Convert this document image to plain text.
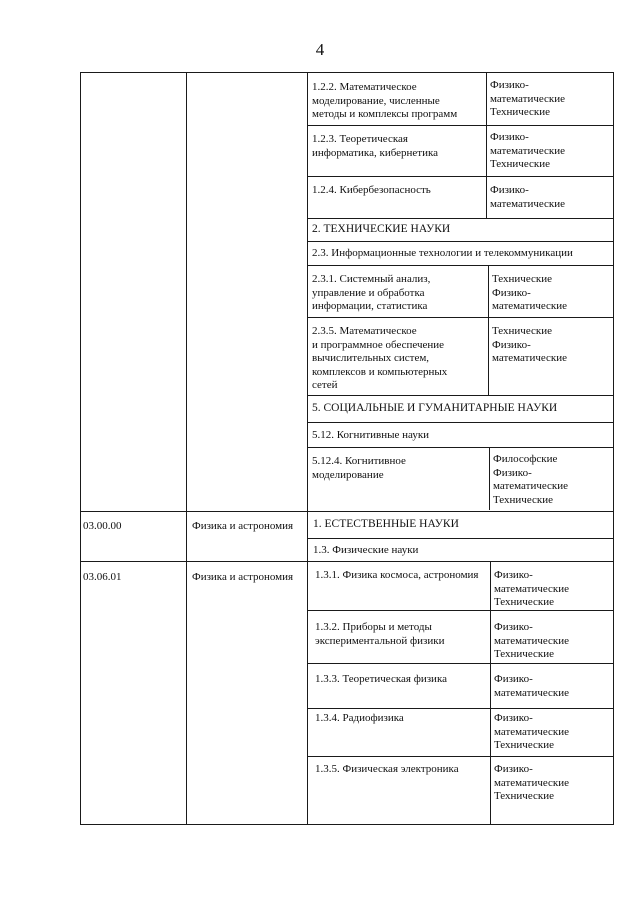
4
03.00.00	Физика и астрономия
03.06.01	Физика и астрономия
1.2.2. Математическое
моделирование, численные
методы и комплексы программ
1.2.3. Теоретическая
информатика, кибернетика
1.2.4. Кибербезопасность
2. ТЕХНИЧЕСКИЕ НАУКИ
2.3. Информационные технологии и телекоммуникации
2.3.1. Системный анализ,
управление и обработка
информации, статистика
2.3.5. Математическое
и программное обеспечение
вычислительных систем,
комплексов и компьютерных
сетей
5. СОЦИАЛЬНЫЕ И ГУМАНИТАРНЫЕ НАУКИ
5.12. Когнитивные науки
5.12.4. Когнитивное
моделирование
1. ЕСТЕСТВЕННЫЕ НАУКИ
1.3. Физические науки
1.3.1. Физика космоса, астрономия
1.3.2. Приборы и методы
экспериментальной физики
1.3.3. Теоретическая физика
1.3.4. Радиофизика
1.3.5. Физическая электроника
Физико-
математические
Технические
Физико-
математические
Технические
Физико-
математические
Технические
Физико-
математические
Технические
Физико-
математические
Философские
Физико-
математические
Технические
Физико-
математические
Технические
Физико-
математические
Технические
Физико-
математические
Физико-
математические
Технические
Физико-
математические
Технические
